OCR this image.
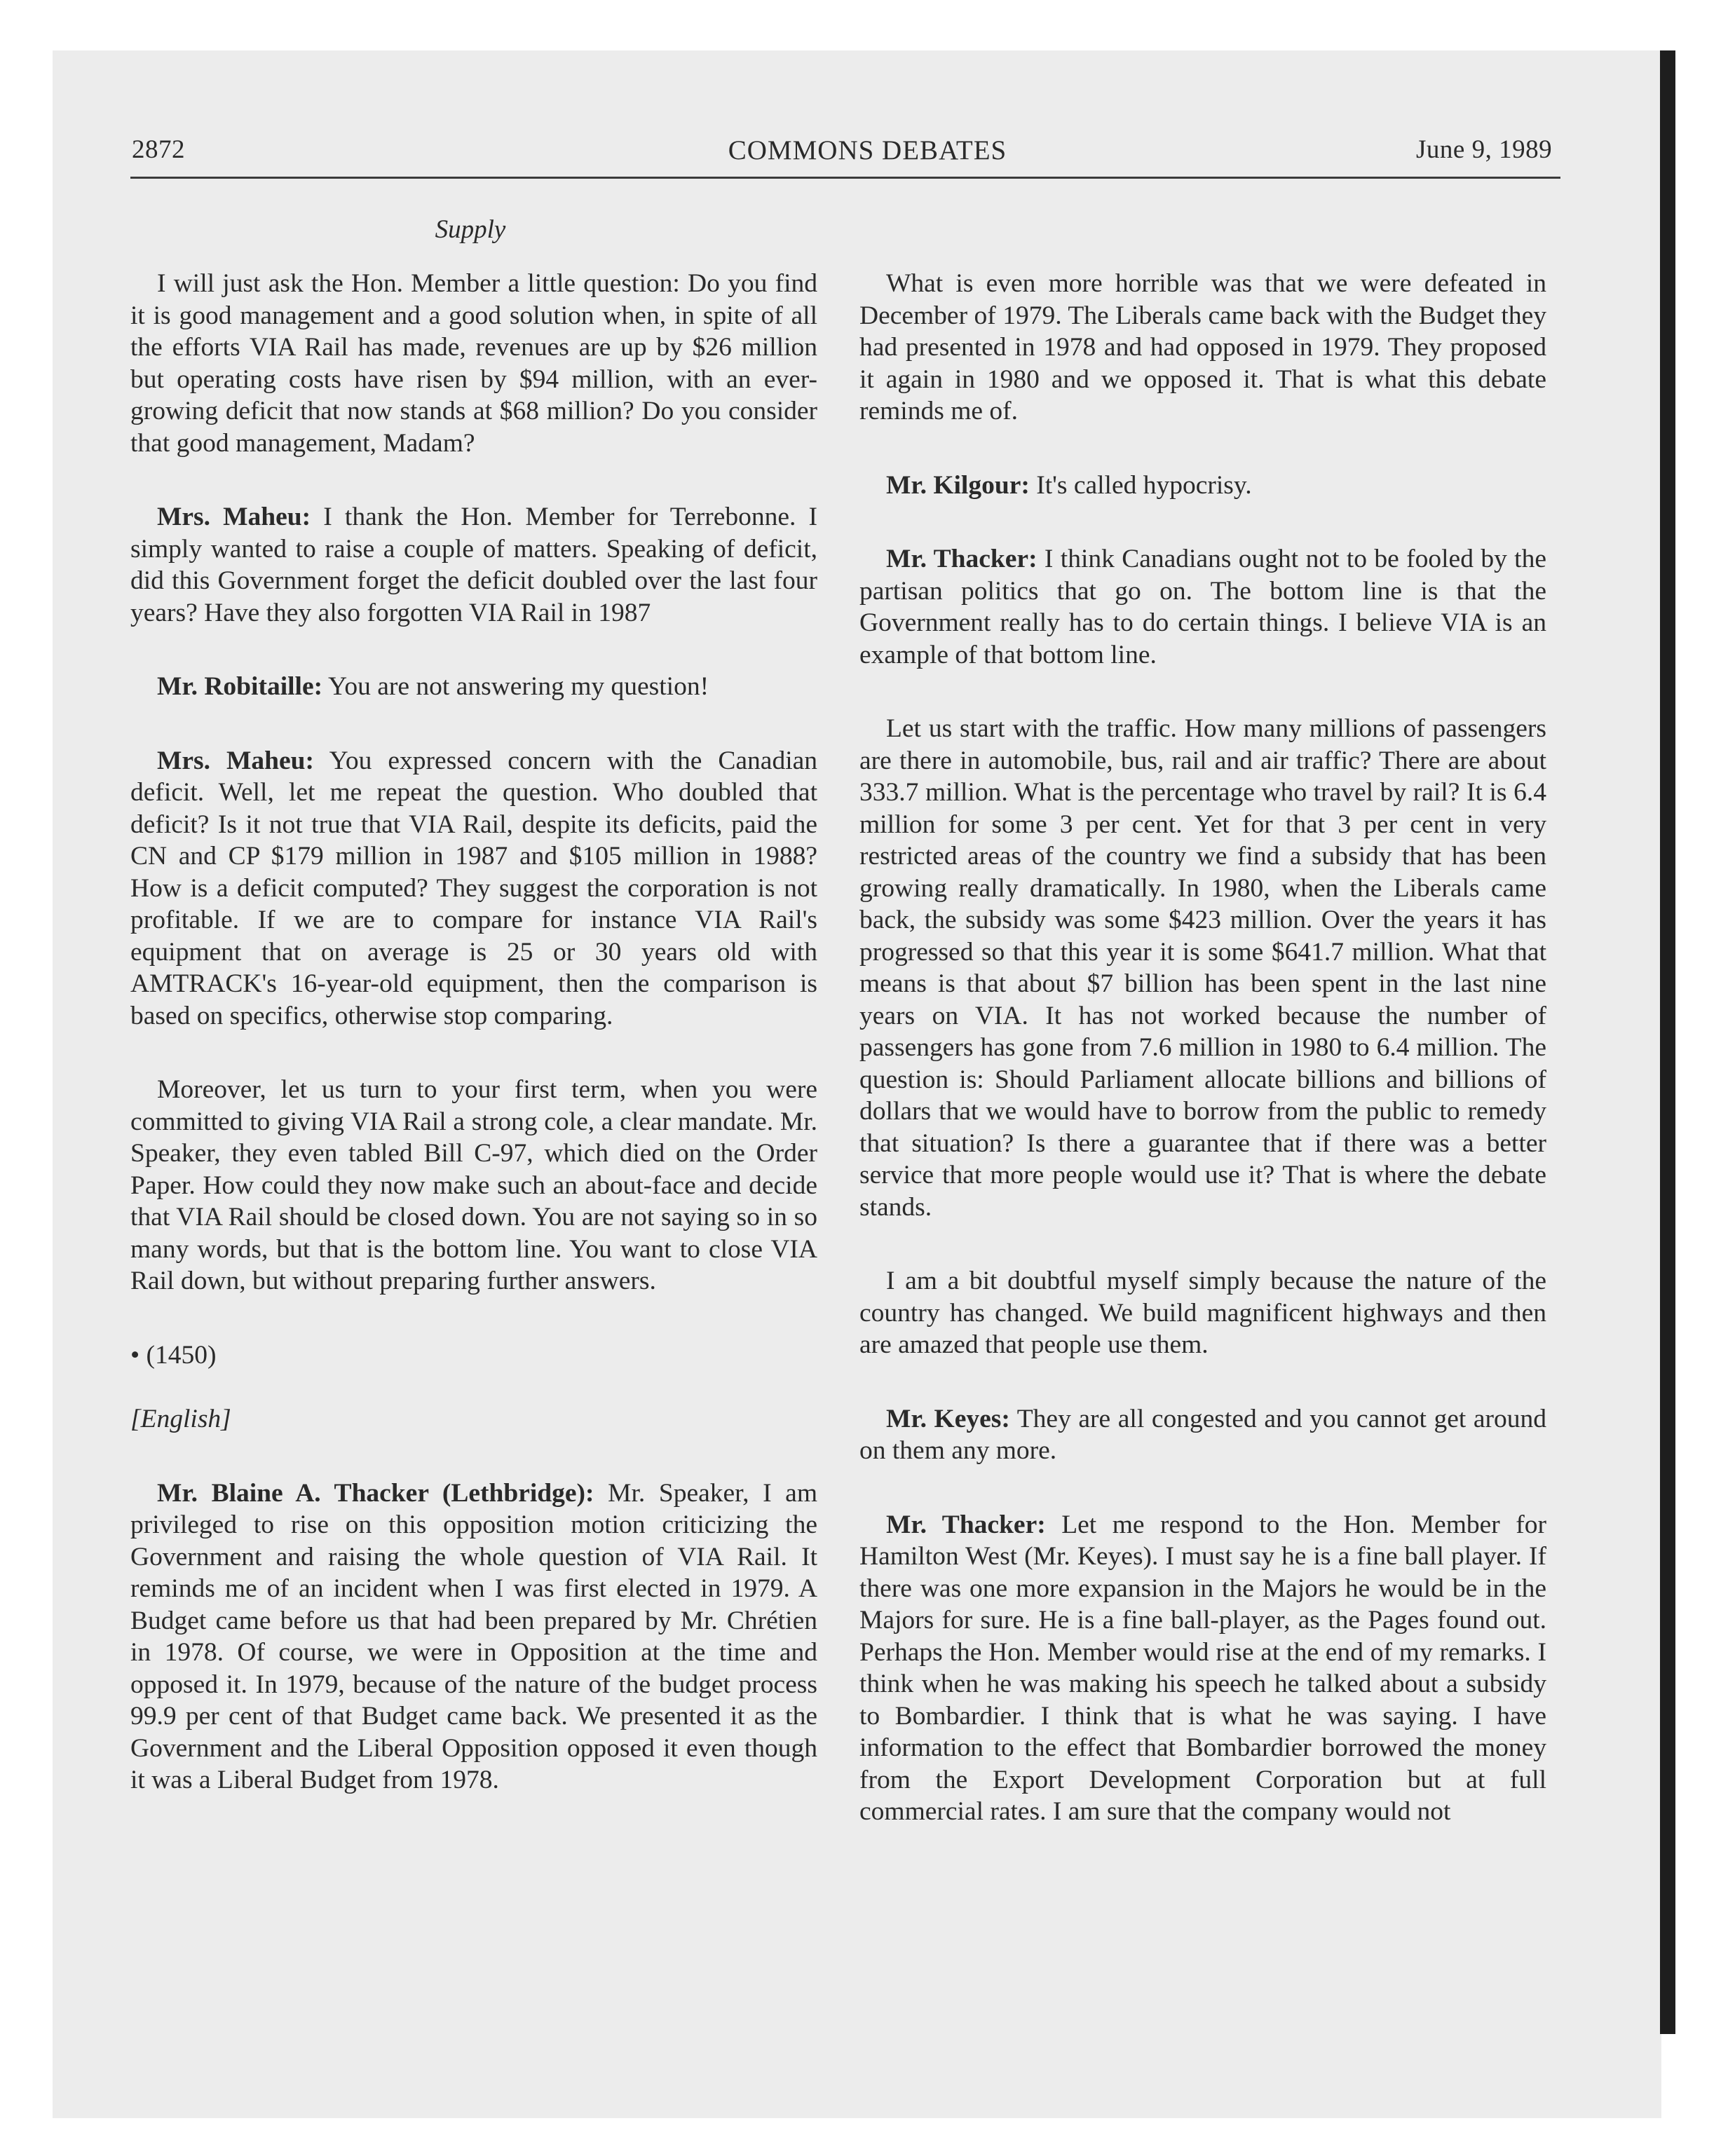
2872	COMMONS DEBATES	June 9, 1989
Supply

I will just ask the Hon. Member a little question: Do you find it is good management and a good solution when, in spite of all the efforts VIA Rail has made, revenues are up by $26 million but operating costs have risen by $94 million, with an ever-growing deficit that now stands at $68 million? Do you consider that good management, Madam?

Mrs. Maheu: I thank the Hon. Member for Terrebonne. I simply wanted to raise a couple of matters. Speaking of deficit, did this Government forget the deficit doubled over the last four years? Have they also forgotten VIA Rail in 1987

Mr. Robitaille: You are not answering my question!

Mrs. Maheu: You expressed concern with the Canadian deficit. Well, let me repeat the question. Who doubled that deficit? Is it not true that VIA Rail, despite its deficits, paid the CN and CP $179 million in 1987 and $105 million in 1988? How is a deficit computed? They suggest the corporation is not profitable. If we are to compare for instance VIA Rail's equipment that on average is 25 or 30 years old with AMTRACK's 16-year-old equipment, then the comparison is based on specifics, otherwise stop comparing.

Moreover, let us turn to your first term, when you were committed to giving VIA Rail a strong cole, a clear mandate. Mr. Speaker, they even tabled Bill C-97, which died on the Order Paper. How could they now make such an about-face and decide that VIA Rail should be closed down. You are not saying so in so many words, but that is the bottom line. You want to close VIA Rail down, but without preparing further answers.

• (1450)

[English]

Mr. Blaine A. Thacker (Lethbridge): Mr. Speaker, I am privileged to rise on this opposition motion criticizing the Government and raising the whole question of VIA Rail. It reminds me of an incident when I was first elected in 1979. A Budget came before us that had been prepared by Mr. Chrétien in 1978. Of course, we were in Opposition at the time and opposed it. In 1979, because of the nature of the budget process 99.9 per cent of that Budget came back. We presented it as the Government and the Liberal Opposition opposed it even though it was a Liberal Budget from 1978.

What is even more horrible was that we were defeated in December of 1979. The Liberals came back with the Budget they had presented in 1978 and had opposed in 1979. They proposed it again in 1980 and we opposed it. That is what this debate reminds me of.

Mr. Kilgour: It's called hypocrisy.

Mr. Thacker: I think Canadians ought not to be fooled by the partisan politics that go on. The bottom line is that the Government really has to do certain things. I believe VIA is an example of that bottom line.

Let us start with the traffic. How many millions of passengers are there in automobile, bus, rail and air traffic? There are about 333.7 million. What is the percentage who travel by rail? It is 6.4 million for some 3 per cent. Yet for that 3 per cent in very restricted areas of the country we find a subsidy that has been growing really dramatically. In 1980, when the Liberals came back, the subsidy was some $423 million. Over the years it has progressed so that this year it is some $641.7 million. What that means is that about $7 billion has been spent in the last nine years on VIA. It has not worked because the number of passengers has gone from 7.6 million in 1980 to 6.4 million. The question is: Should Parliament allocate billions and billions of dollars that we would have to borrow from the public to remedy that situation? Is there a guarantee that if there was a better service that more people would use it? That is where the debate stands.

I am a bit doubtful myself simply because the nature of the country has changed. We build magnificent highways and then are amazed that people use them.

Mr. Keyes: They are all congested and you cannot get around on them any more.

Mr. Thacker: Let me respond to the Hon. Member for Hamilton West (Mr. Keyes). I must say he is a fine ball player. If there was one more expansion in the Majors he would be in the Majors for sure. He is a fine ball-player, as the Pages found out. Perhaps the Hon. Member would rise at the end of my remarks. I think when he was making his speech he talked about a subsidy to Bombardier. I think that is what he was saying. I have information to the effect that Bombardier borrowed the money from the Export Development Corporation but at full commercial rates. I am sure that the company would not
